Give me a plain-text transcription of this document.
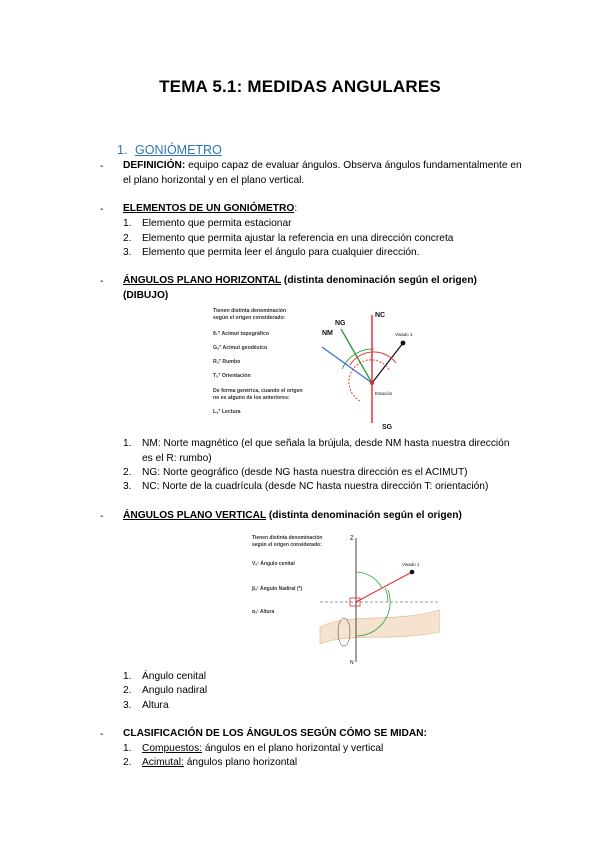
TEMA 5.1: MEDIDAS ANGULARES
1. GONIÓMETRO
- DEFINICIÓN: equipo capaz de evaluar ángulos. Observa ángulos fundamentalmente en
el plano horizontal y en el plano vertical.
- ELEMENTOS DE UN GONIÓMETRO:
1. Elemento que permita estacionar
2. Elemento que permita ajustar la referencia en una dirección concreta
3. Elemento que permita leer el ángulo para cualquier dirección.
- ÁNGULOS PLANO HORIZONTAL (distinta denominación según el origen)
(DIBUJO)
Tienen distinta denominación
según el origen considerado:
θ₁ᵀ Acimut topográfico
Gₐᵀ Acimut geodésico
Rₐᵀ Rumbo
Tₐᵀ Orientación
De forma genérica, cuando el origen
no es alguno de los anteriores:
Lₐᵀ Lectura
NC
NG
NM
SG
Visado 1
Estación
1. NM: Norte magnético (el que señala la brújula, desde NM hasta nuestra dirección
es el R: rumbo)
2. NG: Norte geográfico (desde NG hasta nuestra dirección es el ACIMUT)
3. NC: Norte de la cuadrícula (desde NC hasta nuestra dirección T: orientación)
- ÁNGULOS PLANO VERTICAL (distinta denominación según el origen)
Tienen distinta denominación
según el origen considerado:
Vₐ¹ Ángulo cenital
βₐ¹ Ángulo Nadiral (*)
αₐ¹ Altura
Z
N
Visado 1
1. Ángulo cenital
2. Angulo nadiral
3. Altura
- CLASIFICACIÓN DE LOS ÁNGULOS SEGÚN CÓMO SE MIDAN:
1. Compuestos: ángulos en el plano horizontal y vertical
2. Acimutal: ángulos plano horizontal
